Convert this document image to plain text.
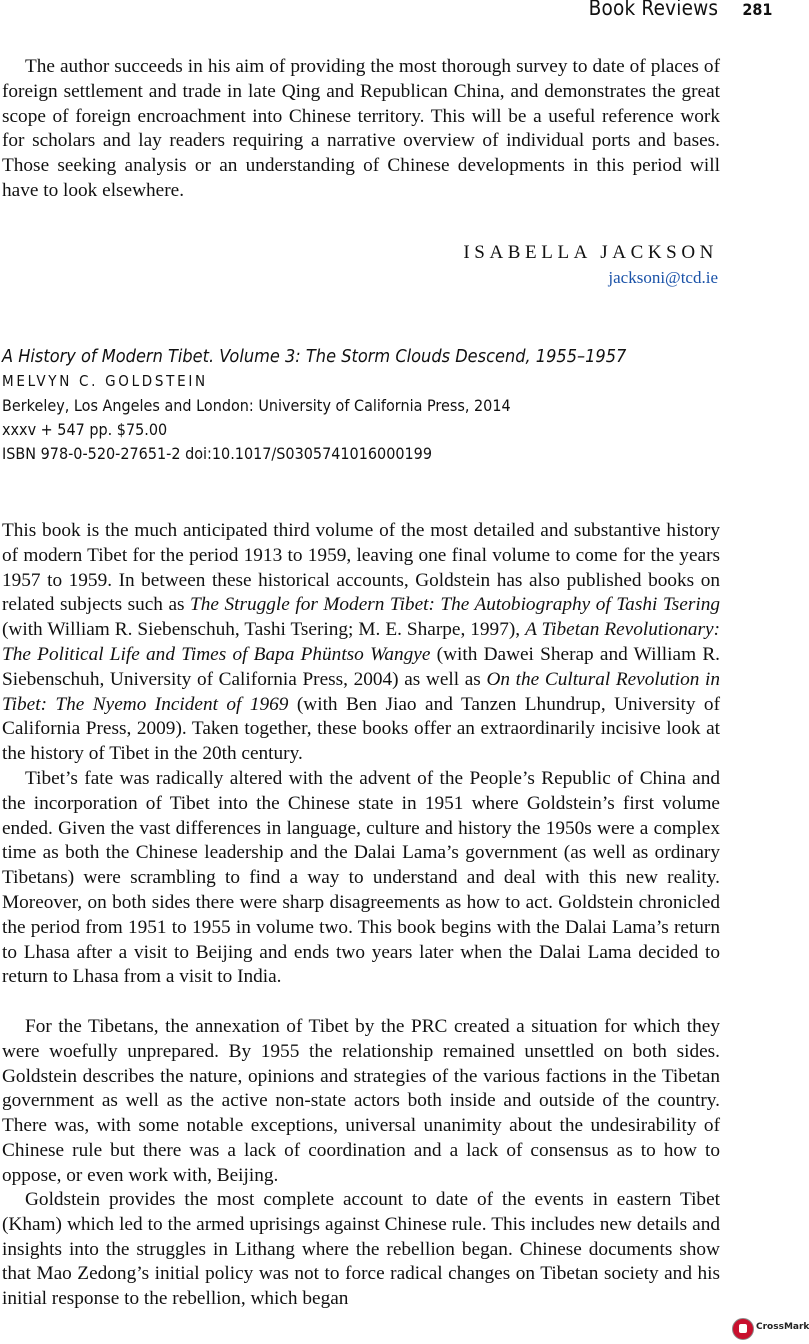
Book Reviews 281

The author succeeds in his aim of providing the most thorough survey to date of places of foreign settlement and trade in late Qing and Republican China, and demonstrates the great scope of foreign encroachment into Chinese territory. This will be a useful reference work for scholars and lay readers requiring a narrative overview of individual ports and bases. Those seeking analysis or an understanding of Chinese developments in this period will have to look elsewhere.

ISABELLA JACKSON
jacksoni@tcd.ie
A History of Modern Tibet. Volume 3: The Storm Clouds Descend, 1955–1957
MELVYN C. GOLDSTEIN
Berkeley, Los Angeles and London: University of California Press, 2014
xxxv + 547 pp. $75.00
ISBN 978-0-520-27651-2 doi:10.1017/S0305741016000199

This book is the much anticipated third volume of the most detailed and substantive history of modern Tibet for the period 1913 to 1959, leaving one final volume to come for the years 1957 to 1959. In between these historical accounts, Goldstein has also published books on related subjects such as The Struggle for Modern Tibet: The Autobiography of Tashi Tsering (with William R. Siebenschuh, Tashi Tsering; M. E. Sharpe, 1997), A Tibetan Revolutionary: The Political Life and Times of Bapa Phüntso Wangye (with Dawei Sherap and William R. Siebenschuh, University of California Press, 2004) as well as On the Cultural Revolution in Tibet: The Nyemo Incident of 1969 (with Ben Jiao and Tanzen Lhundrup, University of California Press, 2009). Taken together, these books offer an extraordinarily incisive look at the history of Tibet in the 20th century.

Tibet’s fate was radically altered with the advent of the People’s Republic of China and the incorporation of Tibet into the Chinese state in 1951 where Goldstein’s first volume ended. Given the vast differences in language, culture and history the 1950s were a complex time as both the Chinese leadership and the Dalai Lama’s government (as well as ordinary Tibetans) were scrambling to find a way to understand and deal with this new reality. Moreover, on both sides there were sharp disagreements as how to act. Goldstein chronicled the period from 1951 to 1955 in volume two. This book begins with the Dalai Lama’s return to Lhasa after a visit to Beijing and ends two years later when the Dalai Lama decided to return to Lhasa from a visit to India.

For the Tibetans, the annexation of Tibet by the PRC created a situation for which they were woefully unprepared. By 1955 the relationship remained unsettled on both sides. Goldstein describes the nature, opinions and strategies of the various factions in the Tibetan government as well as the active non-state actors both inside and outside of the country. There was, with some notable exceptions, universal unanimity about the undesirability of Chinese rule but there was a lack of coordination and a lack of consensus as to how to oppose, or even work with, Beijing.

Goldstein provides the most complete account to date of the events in eastern Tibet (Kham) which led to the armed uprisings against Chinese rule. This includes new details and insights into the struggles in Lithang where the rebellion began. Chinese documents show that Mao Zedong’s initial policy was not to force radical changes on Tibetan society and his initial response to the rebellion, which began

CrossMark
